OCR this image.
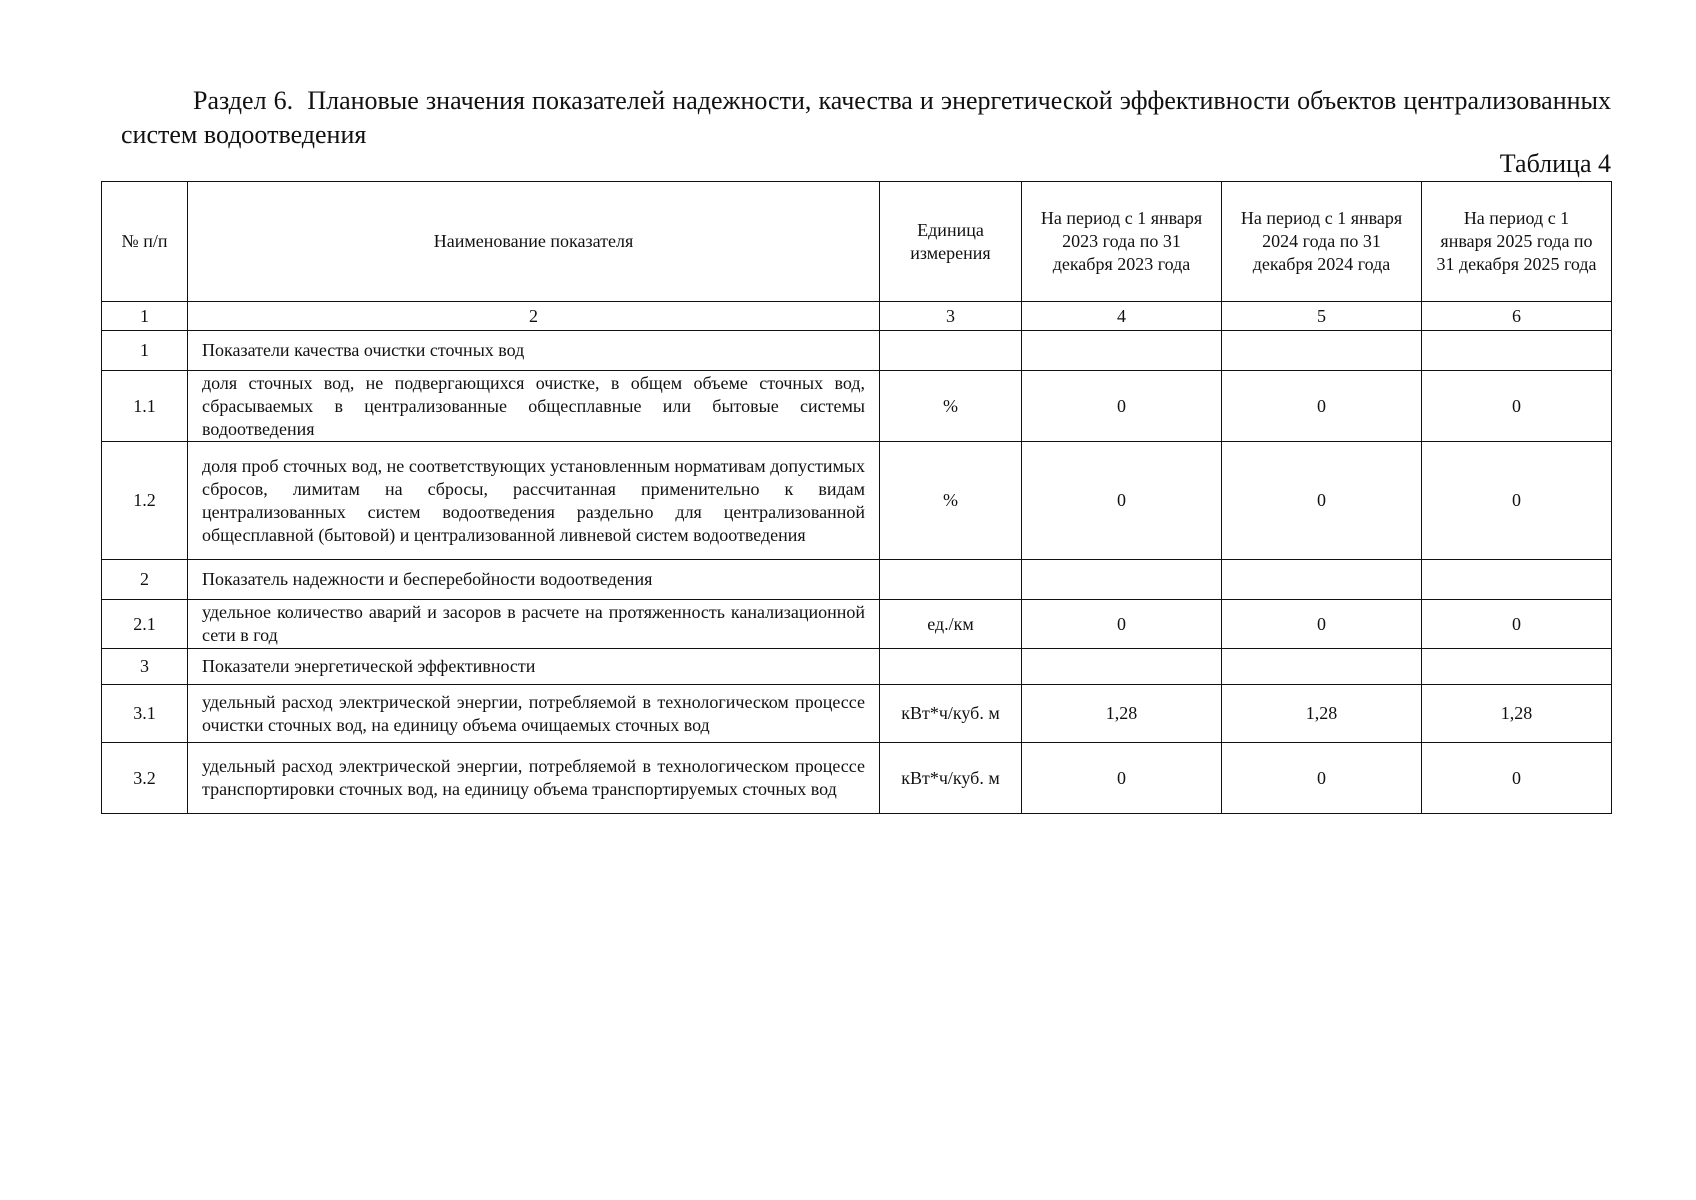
Раздел 6. Плановые значения показателей надежности, качества и энергетической эффективности объектов централизованных систем водоотведения
Таблица 4
№ п/п	Наименование показателя	Единица измерения	На период с 1 января 2023 года по 31 декабря 2023 года	На период с 1 января 2024 года по 31 декабря 2024 года	На период с 1 января 2025 года по 31 декабря 2025 года
1	2	3	4	5	6
1	Показатели качества очистки сточных вод				
1.1	доля сточных вод, не подвергающихся очистке, в общем объеме сточных вод, сбрасываемых в централизованные общесплавные или бытовые системы водоотведения	%	0	0	0
1.2	доля проб сточных вод, не соответствующих установленным нормативам допустимых сбросов, лимитам на сбросы, рассчитанная применительно к видам централизованных систем водоотведения раздельно для централизованной общесплавной (бытовой) и централизованной ливневой систем водоотведения	%	0	0	0
2	Показатель надежности и бесперебойности водоотведения				
2.1	удельное количество аварий и засоров в расчете на протяженность канализационной сети в год	ед./км	0	0	0
3	Показатели энергетической эффективности				
3.1	удельный расход электрической энергии, потребляемой в технологическом процессе очистки сточных вод, на единицу объема очищаемых сточных вод	кВт*ч/куб. м	1,28	1,28	1,28
3.2	удельный расход электрической энергии, потребляемой в технологическом процессе транспортировки сточных вод, на единицу объема транспортируемых сточных вод	кВт*ч/куб. м	0	0	0
